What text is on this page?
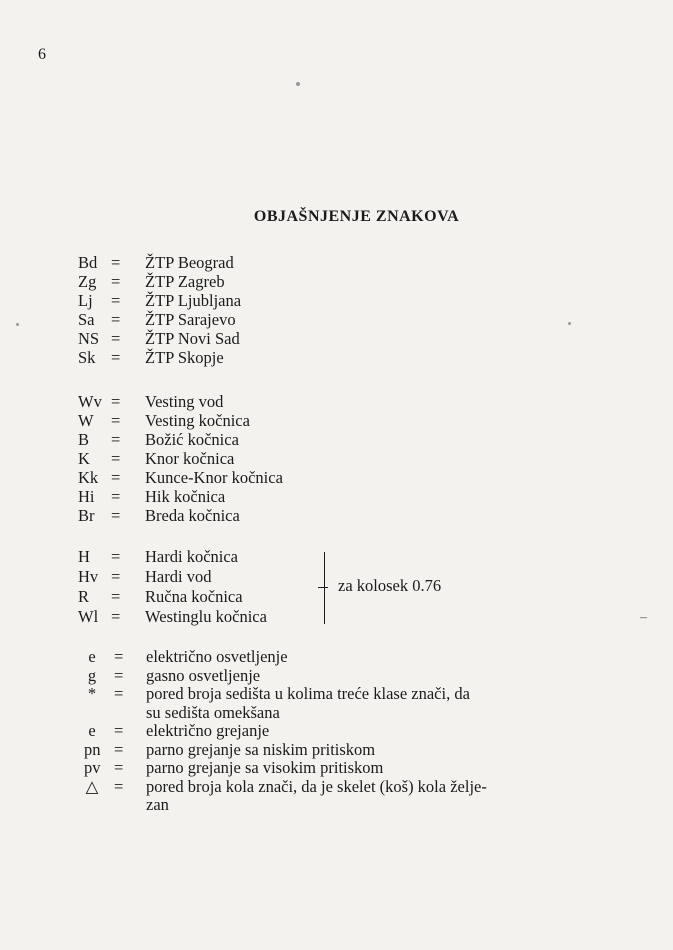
6
OBJAŠNJENJE ZNAKOVA
Bd = ŽTP Beograd
Zg = ŽTP Zagreb
Lj = ŽTP Ljubljana
Sa = ŽTP Sarajevo
NS = ŽTP Novi Sad
Sk = ŽTP Skopje
Wv = Vesting vod
W = Vesting kočnica
B = Božić kočnica
K = Knor kočnica
Kk = Kunce-Knor kočnica
Hi = Hik kočnica
Br = Breda kočnica
H = Hardi kočnica
Hv = Hardi vod
R = Ručna kočnica
Wl = Westinglu kočnica
za kolosek 0.76
e = električno osvetljenje
g = gasno osvetljenje
* = pored broja sedišta u kolima treće klase znači, da
su sedišta omekšana
e = električno grejanje
pn = parno grejanje sa niskim pritiskom
pv = parno grejanje sa visokim pritiskom
△ = pored broja kola znači, da je skelet (koš) kola želje-
zan
–
